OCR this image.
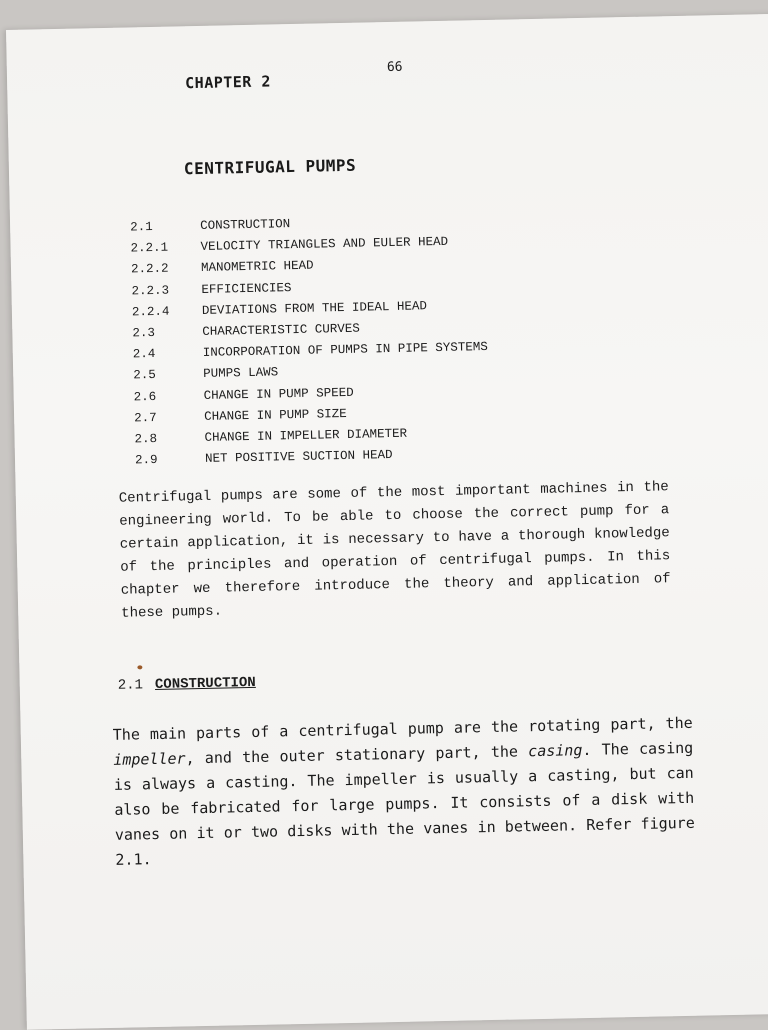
66
CHAPTER 2
CENTRIFUGAL PUMPS
2.1	CONSTRUCTION
2.2.1	VELOCITY TRIANGLES AND EULER HEAD
2.2.2	MANOMETRIC HEAD
2.2.3	EFFICIENCIES
2.2.4	DEVIATIONS FROM THE IDEAL HEAD
2.3	CHARACTERISTIC CURVES
2.4	INCORPORATION OF PUMPS IN PIPE SYSTEMS
2.5	PUMPS LAWS
2.6	CHANGE IN PUMP SPEED
2.7	CHANGE IN PUMP SIZE
2.8	CHANGE IN IMPELLER DIAMETER
2.9	NET POSITIVE SUCTION HEAD
Centrifugal pumps are some of the most important machines in the engineering world. To be able to choose the correct pump for a certain application, it is necessary to have a thorough knowledge of the principles and operation of centrifugal pumps. In this chapter we therefore introduce the theory and application of these pumps.
2.1 CONSTRUCTION
The main parts of a centrifugal pump are the rotating part, the impeller, and the outer stationary part, the casing. The casing is always a casting. The impeller is usually a casting, but can also be fabricated for large pumps. It consists of a disk with vanes on it or two disks with the vanes in between. Refer figure 2.1.
